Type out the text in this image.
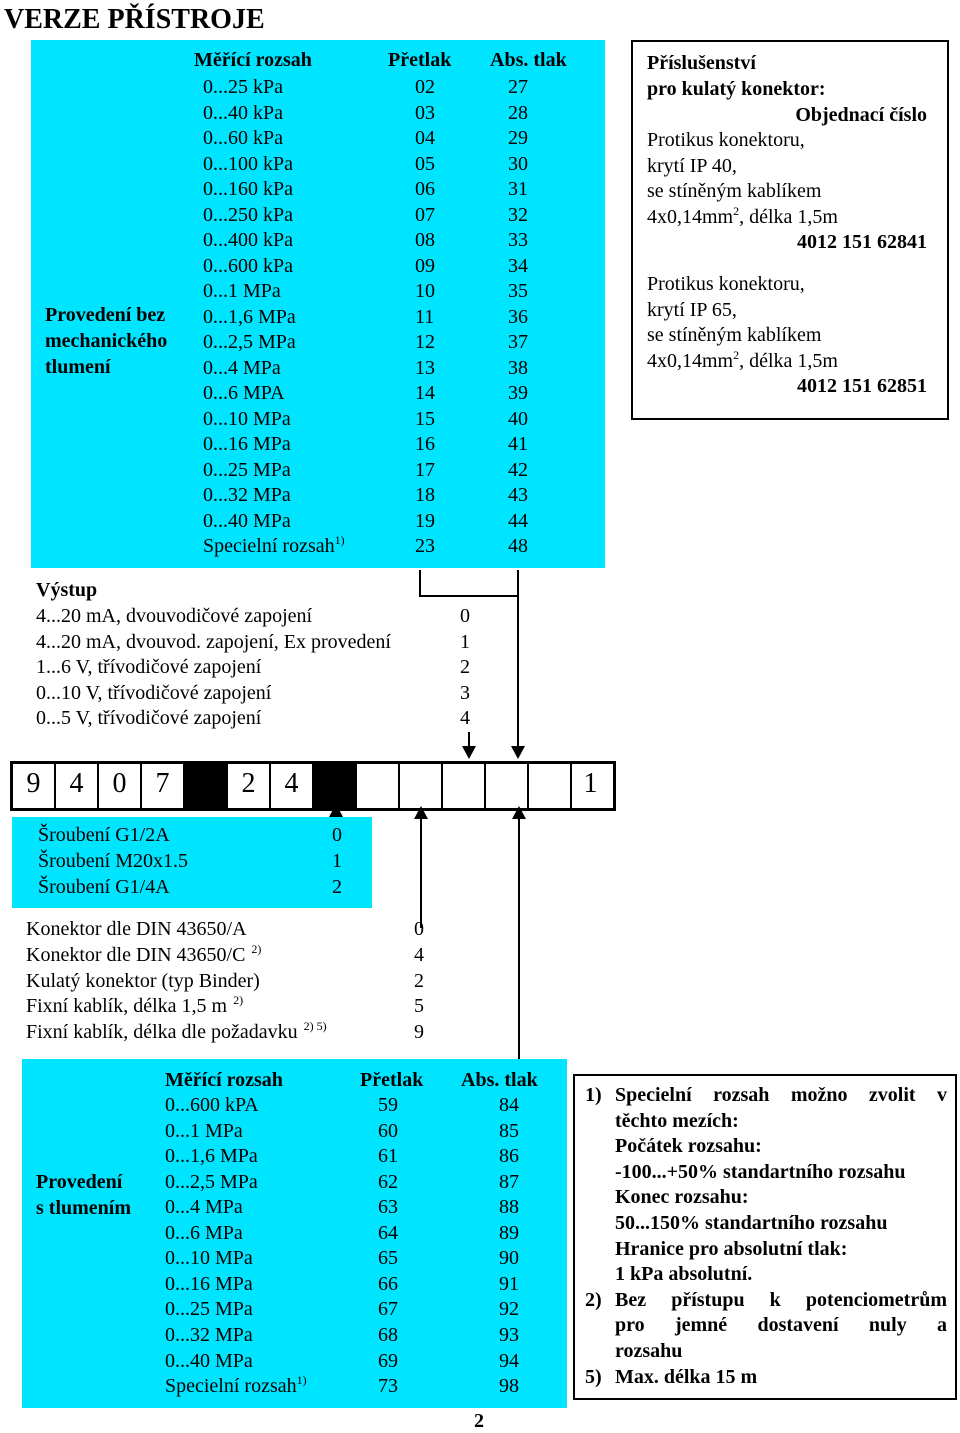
VERZE PŘÍSTROJE
Měřící rozsah	Přetlak Abs. tlak
0...25 kPa	02	27
0...40 kPa	03	28
0...60 kPa	04	29
0...100 kPa	05	30
0...160 kPa	06	31
0...250 kPa	07	32
0...400 kPa	08	33
0...600 kPa	09	34
0...1 MPa	10	35
0...1,6 MPa	11	36
0...2,5 MPa	12	37
0...4 MPa	13	38
0...6 MPA	14	39
0...10 MPa	15	40
0...16 MPa	16	41
0...25 MPa	17	42
0...32 MPa	18	43
0...40 MPa	19	44
Provedení bez
mechanického
tlumení
Specielní rozsah$^{1)}$	23	48
Příslušenství
pro kulatý konektor:
Objednací číslo
Protikus konektoru,
krytí IP 40,
se stíněným kablíkem
$4x0,14mm^2$, délka 1,5m
4012 151 62841
Protikus konektoru,
krytí IP 65,
se stíněným kablíkem
$4x0,14mm^2$, délka 1,5m
4012 151 62851
Výstup
4...20 mA, dvouvodičové zapojení	0
4...20 mA, dvouvod. zapojení, Ex provedení	1
1...6 V, třívodičové zapojení	2
0...10 V, třívodičové zapojení	3
0...5 V, třívodičové zapojení	4
9	4	0	7	2	4	1
Šroubení G1/2A	0
Šroubení M20x1.5	1
Šroubení G1/4A	2
Konektor dle DIN 43650/A	0
Konektor dle DIN 43650/C $^{2)}$	4
Kulatý konektor (typ Binder)	2
Fixní kablík, délka 1,5 m $^{2)}$	5
Fixní kablík, délka dle požadavku $^{2) 5)}$	9
Měřící rozsah	Přetlak Abs. tlak
0...600 kPA	59	84
0...1 MPa	60	85
0...1,6 MPa	61	86
0...2,5 MPa	62	87
0...4 MPa	63	88
0...6 MPa	64	89
0...10 MPa	65	90
0...16 MPa	66	91
0...25 MPa	67	92
0...32 MPa	68	93
0...40 MPa	69	94
Provedení
s tlumením
Specielní rozsah$^{1)}$	73	98
1) Specielní rozsah možno zvolit v
těchto mezích:
Počátek rozsahu:
-100...+50% standartního rozsahu
Konec rozsahu:
50...150% standartního rozsahu
Hranice pro absolutní tlak:
1 kPa absolutní.
2) Bez přístupu k potenciometrům
pro jemné dostavení nuly a
rozsahu
5) Max. délka 15 m
2
